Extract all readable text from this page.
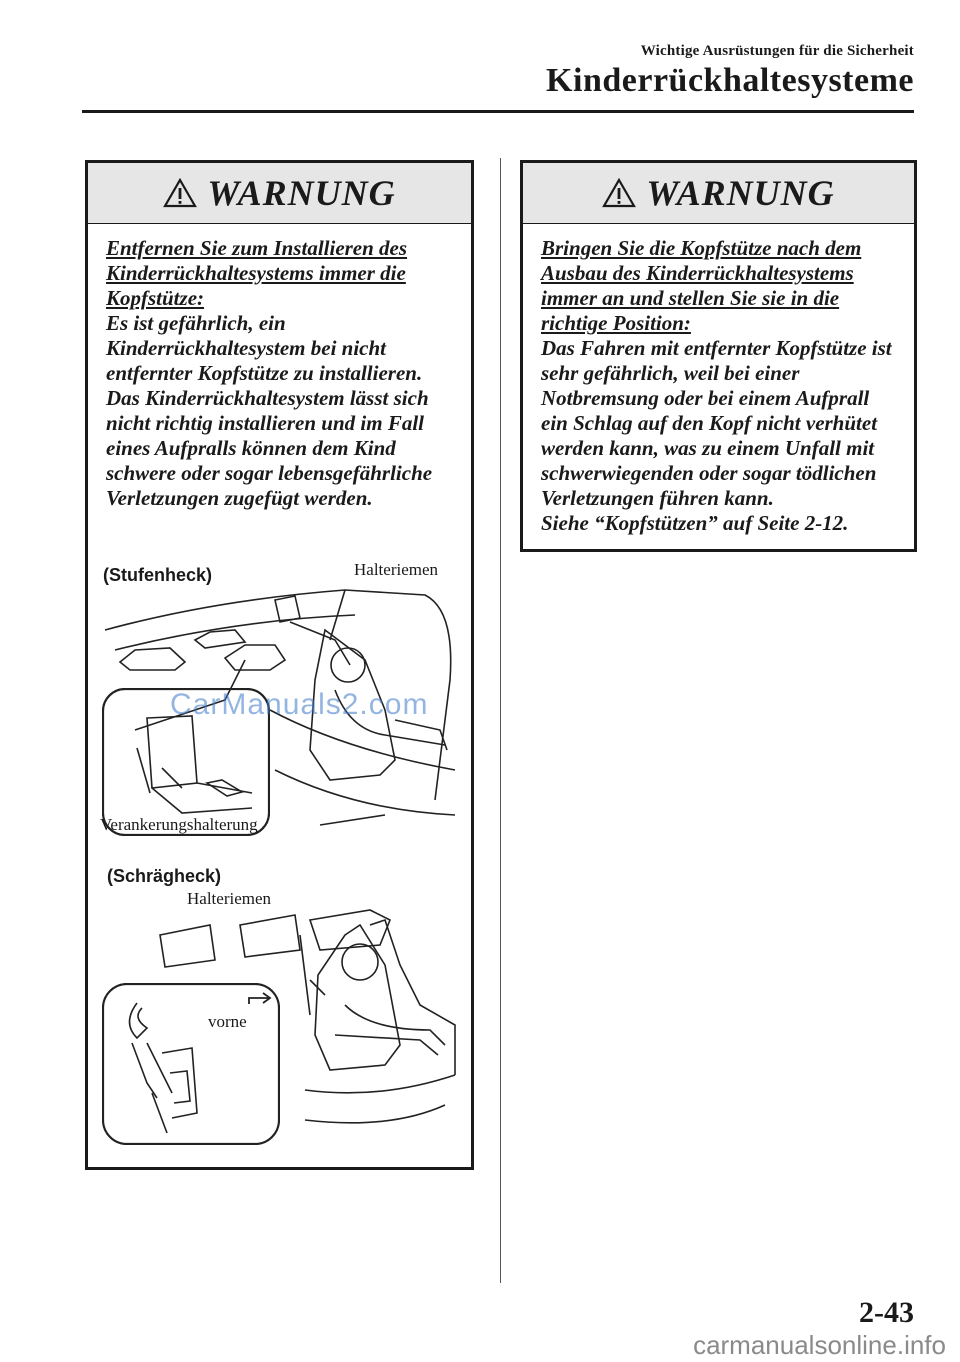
Wichtige Ausrüstungen für die Sicherheit
Kinderrückhaltesysteme
WARNUNG

Entfernen Sie zum Installieren des Kinderrückhaltesystems immer die Kopfstütze:

Es ist gefährlich, ein Kinderrückhaltesystem bei nicht entfernter Kopfstütze zu installieren. Das Kinderrückhaltesystem lässt sich nicht richtig installieren und im Fall eines Aufpralls können dem Kind schwere oder sogar lebensgefährliche Verletzungen zugefügt werden.

(Stufenheck)	Halteriemen
Verankerungshalterung
CarManuals2.com
(Schrägheck)
Halteriemen
vorne
WARNUNG

Bringen Sie die Kopfstütze nach dem Ausbau des Kinderrückhaltesystems immer an und stellen Sie sie in die richtige Position:

Das Fahren mit entfernter Kopfstütze ist sehr gefährlich, weil bei einer Notbremsung oder bei einem Aufprall ein Schlag auf den Kopf nicht verhütet werden kann, was zu einem Unfall mit schwerwiegenden oder sogar tödlichen Verletzungen führen kann.

Siehe “Kopfstützen” auf Seite 2-12.

2-43
carmanualsonline.info
